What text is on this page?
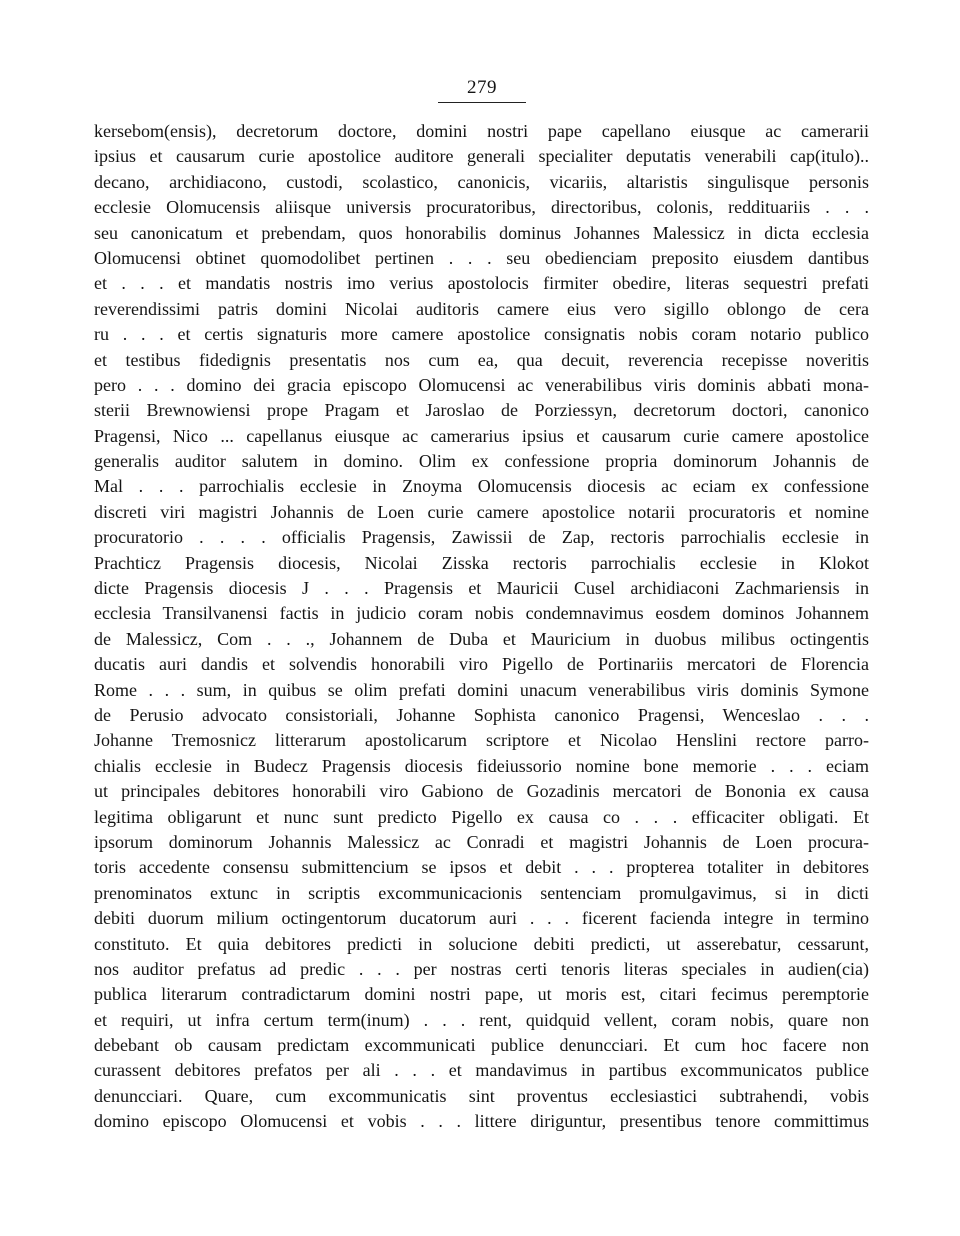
279
kersebom(ensis), decretorum doctore, domini nostri pape capellano eiusque ac camerarii
ipsius et causarum curie apostolice auditore generali specialiter deputatis venerabili cap(itulo)..
decano, archidiacono, custodi, scolastico, canonicis, vicariis, altaristis singulisque personis
ecclesie Olomucensis aliisque universis procuratoribus, directoribus, colonis, reddituariis . . .
seu canonicatum et prebendam, quos honorabilis dominus Johannes Malessicz in dicta ecclesia
Olomucensi obtinet quomodolibet pertinen . . . seu obedienciam preposito eiusdem dantibus
et . . . et mandatis nostris imo verius apostolocis firmiter obedire, literas sequestri prefati
reverendissimi patris domini Nicolai auditoris camere eius vero sigillo oblongo de cera
ru . . . et certis signaturis more camere apostolice consignatis nobis coram notario publico
et testibus fidedignis presentatis nos cum ea, qua decuit, reverencia recepisse noveritis
pero . . . domino dei gracia episcopo Olomucensi ac venerabilibus viris dominis abbati mona-
sterii Brewnowiensi prope Pragam et Jaroslao de Porziessyn, decretorum doctori, canonico
Pragensi, Nico ... capellanus eiusque ac camerarius ipsius et causarum curie camere apostolice
generalis auditor salutem in domino. Olim ex confessione propria dominorum Johannis de
Mal . . . parrochialis ecclesie in Znoyma Olomucensis diocesis ac eciam ex confessione
discreti viri magistri Johannis de Loen curie camere apostolice notarii procuratoris et nomine
procuratorio . . . . officialis Pragensis, Zawissii de Zap, rectoris parrochialis ecclesie in
Prachticz Pragensis diocesis, Nicolai Zisska rectoris parrochialis ecclesie in Klokot
dicte Pragensis diocesis J . . . Pragensis et Mauricii Cusel archidiaconi Zachmariensis in
ecclesia Transilvanensi factis in judicio coram nobis condemnavimus eosdem dominos Johannem
de Malessicz, Com . . ., Johannem de Duba et Mauricium in duobus milibus octingentis
ducatis auri dandis et solvendis honorabili viro Pigello de Portinariis mercatori de Florencia
Rome . . . sum, in quibus se olim prefati domini unacum venerabilibus viris dominis Symone
de Perusio advocato consistoriali, Johanne Sophista canonico Pragensi, Wenceslao . . .
Johanne Tremosnicz litterarum apostolicarum scriptore et Nicolao Henslini rectore parro-
chialis ecclesie in Budecz Pragensis diocesis fideiussorio nomine bone memorie . . . eciam
ut principales debitores honorabili viro Gabiono de Gozadinis mercatori de Bononia ex causa
legitima obligarunt et nunc sunt predicto Pigello ex causa co . . . efficaciter obligati. Et
ipsorum dominorum Johannis Malessicz ac Conradi et magistri Johannis de Loen procura-
toris accedente consensu submittencium se ipsos et debit . . . propterea totaliter in debitores
prenominatos extunc in scriptis excommunicacionis sentenciam promulgavimus, si in dicti
debiti duorum milium octingentorum ducatorum auri . . . ficerent facienda integre in termino
constituto. Et quia debitores predicti in solucione debiti predicti, ut asserebatur, cessarunt,
nos auditor prefatus ad predic . . . per nostras certi tenoris literas speciales in audien(cia)
publica literarum contradictarum domini nostri pape, ut moris est, citari fecimus peremptorie
et requiri, ut infra certum term(inum) . . . rent, quidquid vellent, coram nobis, quare non
debebant ob causam predictam excommunicati publice denuncciari. Et cum hoc facere non
curassent debitores prefatos per ali . . . et mandavimus in partibus excommunicatos publice
denuncciari. Quare, cum excommunicatis sint proventus ecclesiastici subtrahendi, vobis
domino episcopo Olomucensi et vobis . . . littere diriguntur, presentibus tenore committimus
